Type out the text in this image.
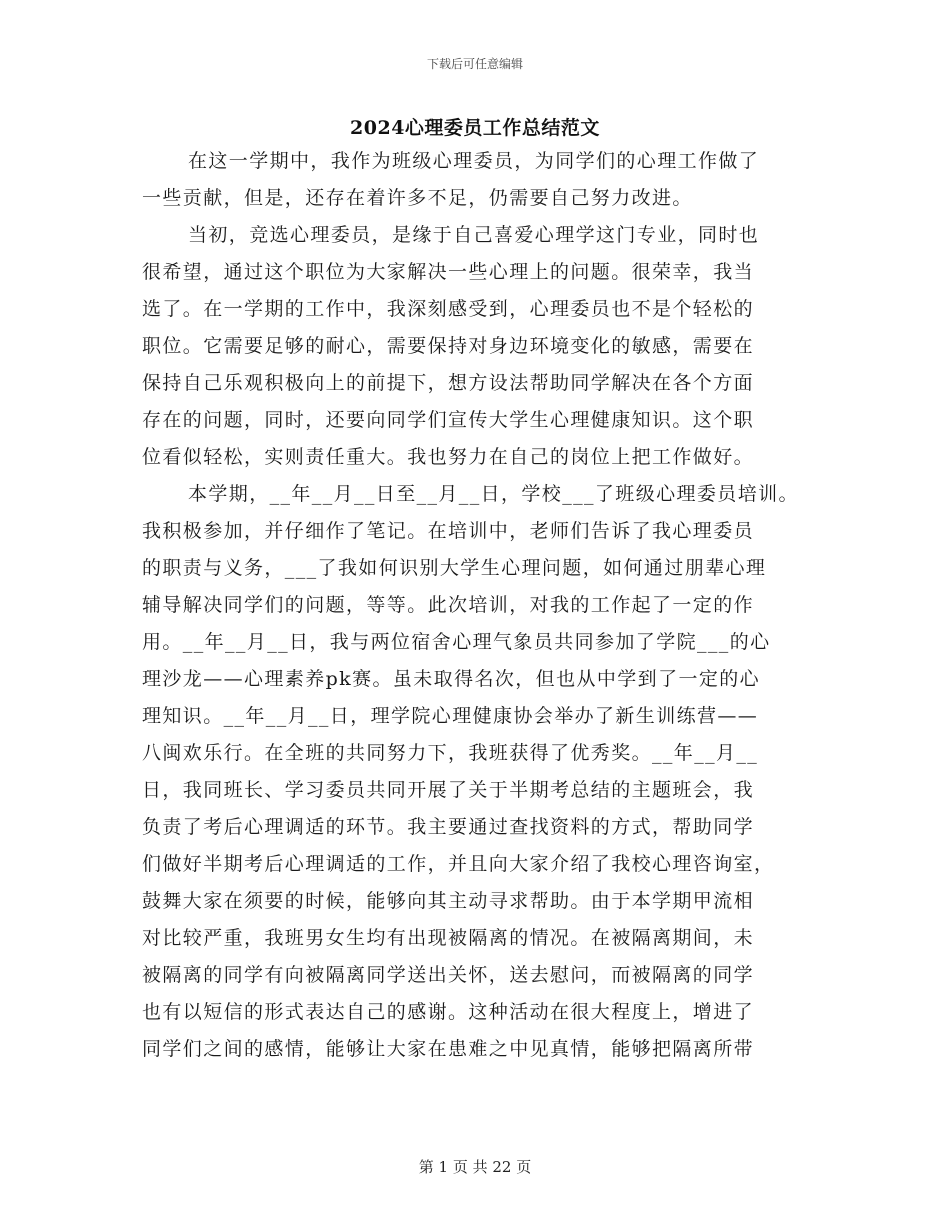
下载后可任意编辑
2024心理委员工作总结范文
在这一学期中，我作为班级心理委员，为同学们的心理工作做了
一些贡献，但是，还存在着许多不足，仍需要自己努力改进。
当初，竞选心理委员，是缘于自己喜爱心理学这门专业，同时也
很希望，通过这个职位为大家解决一些心理上的问题。很荣幸，我当
选了。在一学期的工作中，我深刻感受到，心理委员也不是个轻松的
职位。它需要足够的耐心，需要保持对身边环境变化的敏感，需要在
保持自己乐观积极向上的前提下，想方设法帮助同学解决在各个方面
存在的问题，同时，还要向同学们宣传大学生心理健康知识。这个职
位看似轻松，实则责任重大。我也努力在自己的岗位上把工作做好。
本学期，__年__月__日至__月__日，学校___了班级心理委员培训。
我积极参加，并仔细作了笔记。在培训中，老师们告诉了我心理委员
的职责与义务，___了我如何识别大学生心理问题，如何通过朋辈心理
辅导解决同学们的问题，等等。此次培训，对我的工作起了一定的作
用。__年__月__日，我与两位宿舍心理气象员共同参加了学院___的心
理沙龙——心理素养pk赛。虽未取得名次，但也从中学到了一定的心
理知识。__年__月__日，理学院心理健康协会举办了新生训练营——
八闽欢乐行。在全班的共同努力下，我班获得了优秀奖。__年__月__
日，我同班长、学习委员共同开展了关于半期考总结的主题班会，我
负责了考后心理调适的环节。我主要通过查找资料的方式，帮助同学
们做好半期考后心理调适的工作，并且向大家介绍了我校心理咨询室，
鼓舞大家在须要的时候，能够向其主动寻求帮助。由于本学期甲流相
对比较严重，我班男女生均有出现被隔离的情况。在被隔离期间，未
被隔离的同学有向被隔离同学送出关怀，送去慰问，而被隔离的同学
也有以短信的形式表达自己的感谢。这种活动在很大程度上，增进了
同学们之间的感情，能够让大家在患难之中见真情，能够把隔离所带
第 1 页 共 22 页
